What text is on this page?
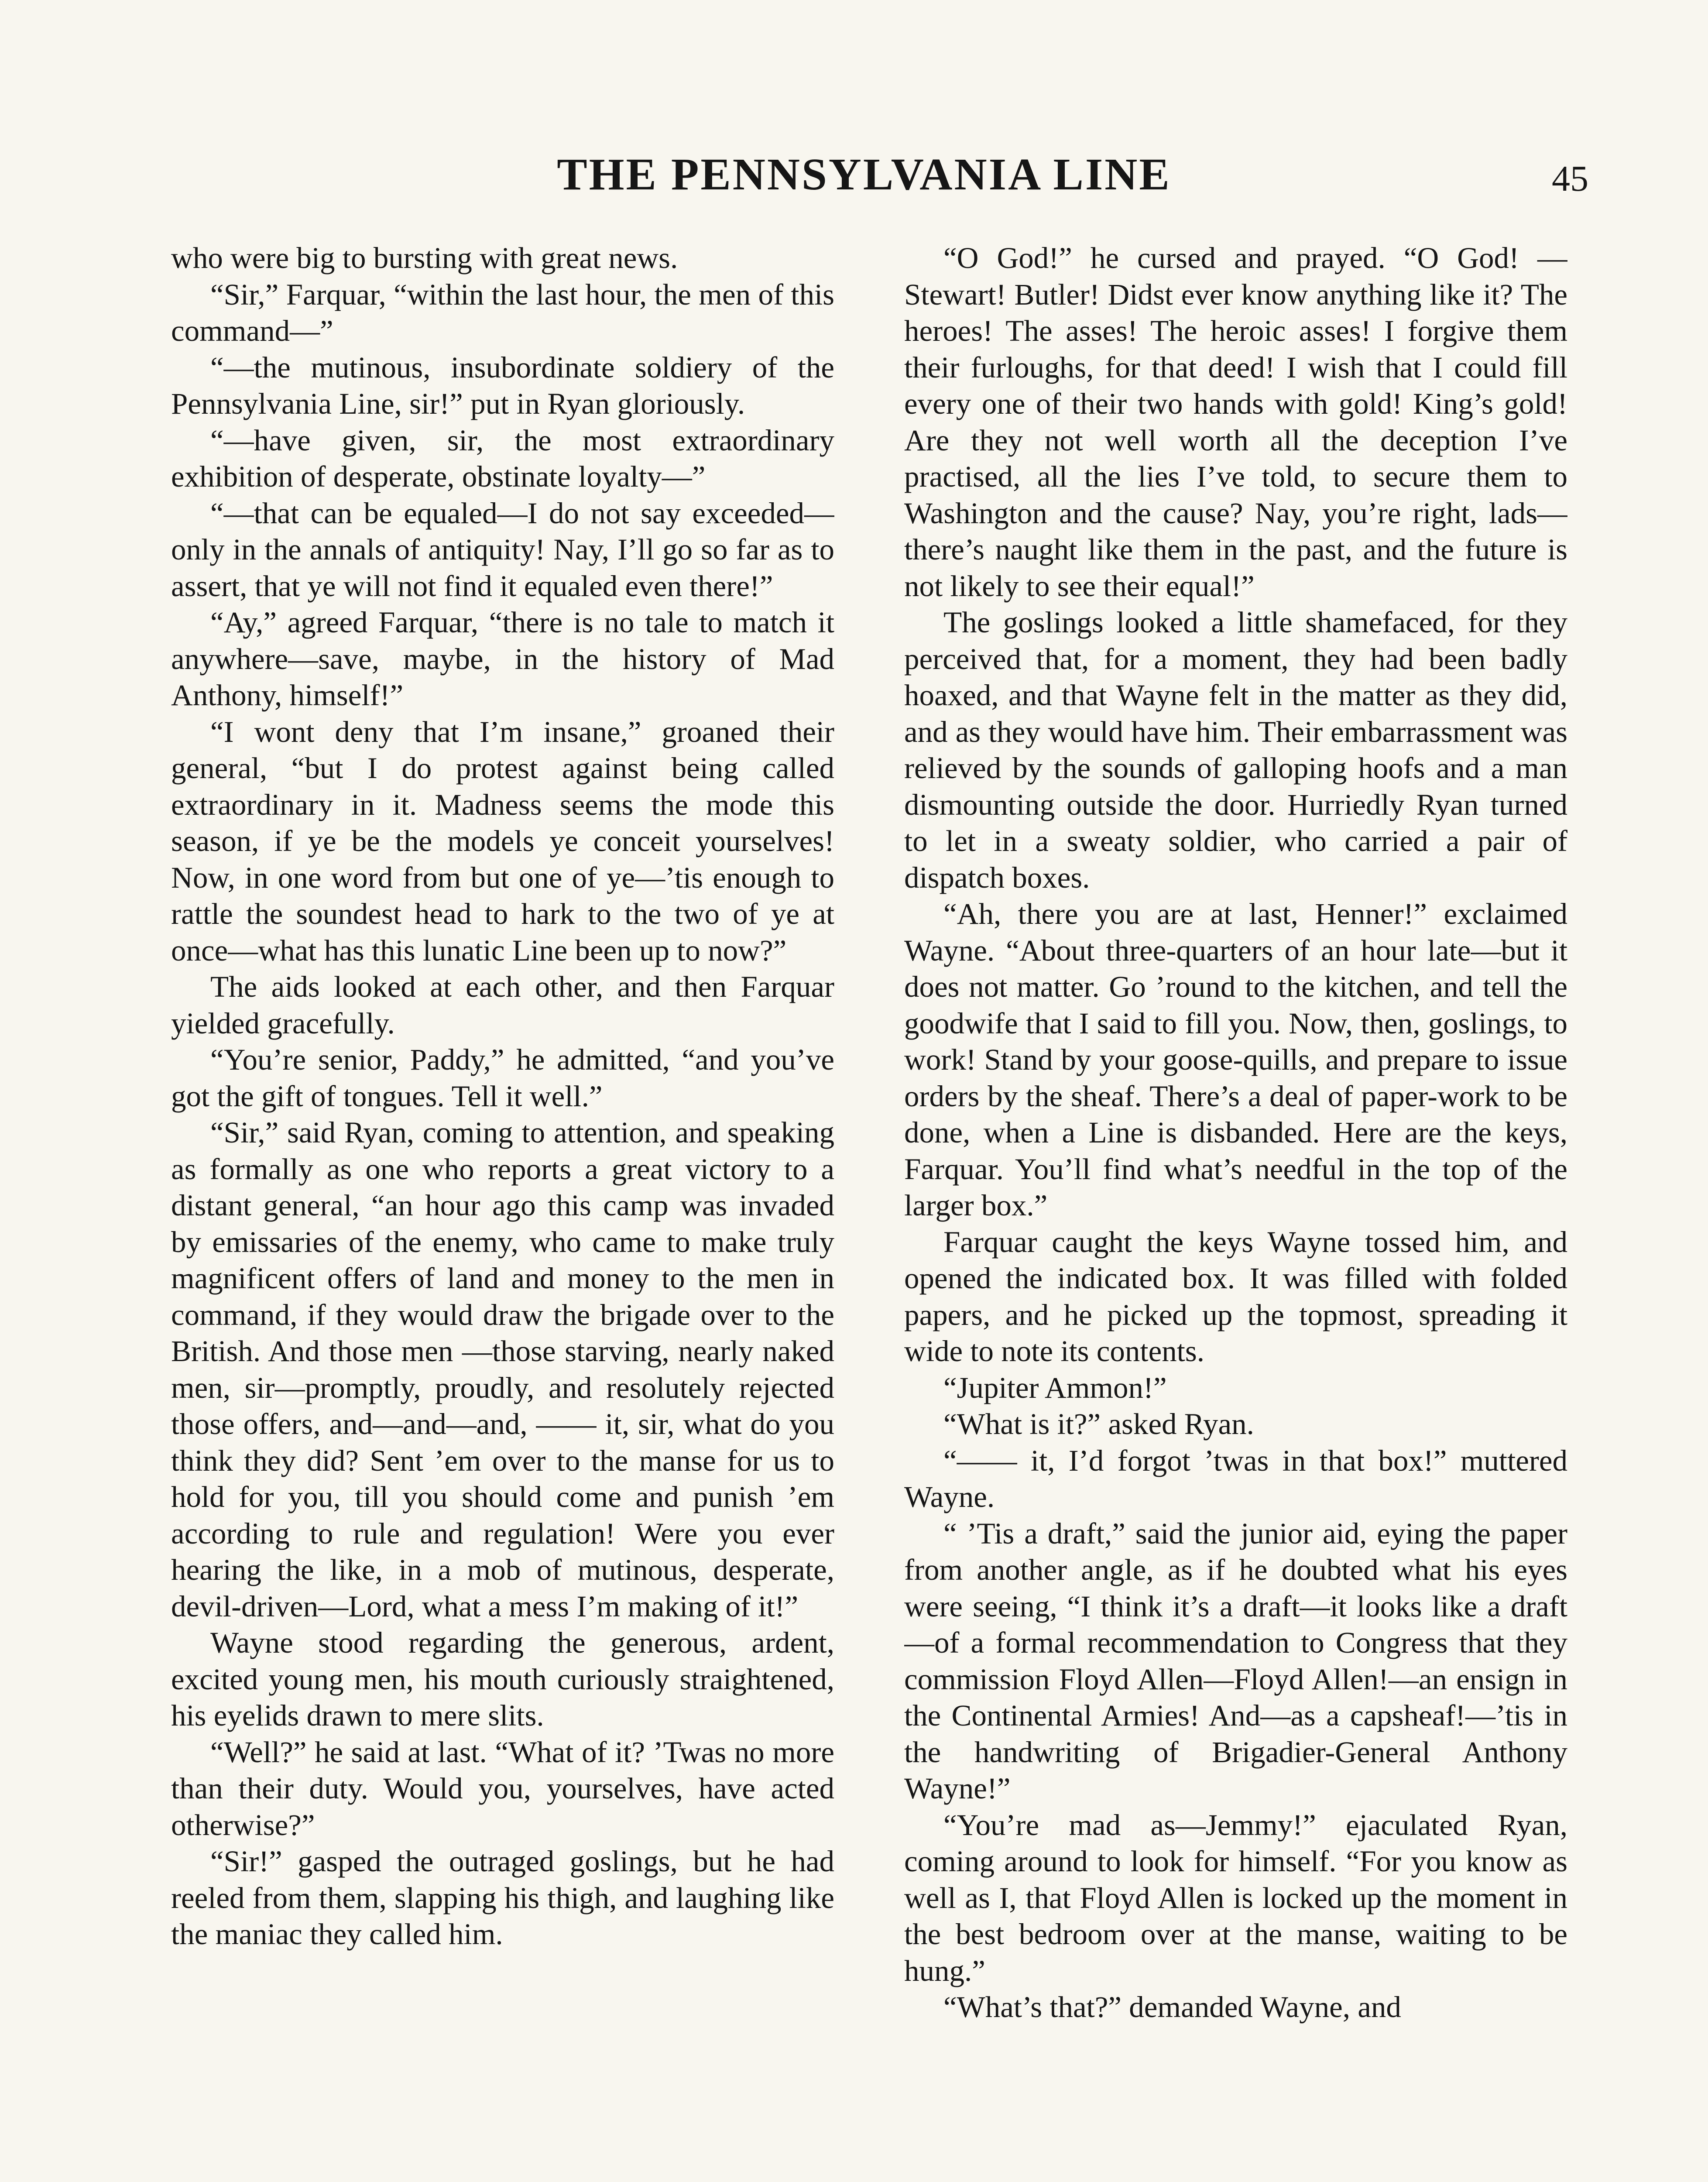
THE PENNSYLVANIA LINE	45

who were big to bursting with great news.

“Sir,” Farquar, “within the last hour, the men of this command—”

“—the mutinous, insubordinate soldiery of the Pennsylvania Line, sir!” put in Ryan gloriously.

“—have given, sir, the most extraordinary exhibition of desperate, obstinate loyalty—”

“—that can be equaled—I do not say exceeded—only in the annals of antiquity! Nay, I’ll go so far as to assert, that ye will not find it equaled even there!”

“Ay,” agreed Farquar, “there is no tale to match it anywhere—save, maybe, in the history of Mad Anthony, himself!”

“I wont deny that I’m insane,” groaned their general, “but I do protest against being called extraordinary in it. Madness seems the mode this season, if ye be the models ye conceit yourselves! Now, in one word from but one of ye—’tis enough to rattle the soundest head to hark to the two of ye at once—what has this lunatic Line been up to now?”

The aids looked at each other, and then Farquar yielded gracefully.

“You’re senior, Paddy,” he admitted, “and you’ve got the gift of tongues. Tell it well.”

“Sir,” said Ryan, coming to attention, and speaking as formally as one who reports a great victory to a distant general, “an hour ago this camp was invaded by emissaries of the enemy, who came to make truly magnificent offers of land and money to the men in command, if they would draw the brigade over to the British. And those men —those starving, nearly naked men, sir—promptly, proudly, and resolutely rejected those offers, and—and—and, —— it, sir, what do you think they did? Sent ’em over to the manse for us to hold for you, till you should come and punish ’em according to rule and regulation! Were you ever hearing the like, in a mob of mutinous, desperate, devil-driven—Lord, what a mess I’m making of it!”

Wayne stood regarding the generous, ardent, excited young men, his mouth curiously straightened, his eyelids drawn to mere slits.

“Well?” he said at last. “What of it? ’Twas no more than their duty. Would you, yourselves, have acted otherwise?”

“Sir!” gasped the outraged goslings, but he had reeled from them, slapping his thigh, and laughing like the maniac they called him.

“O God!” he cursed and prayed. “O God! —Stewart! Butler! Didst ever know anything like it? The heroes! The asses! The heroic asses! I forgive them their furloughs, for that deed! I wish that I could fill every one of their two hands with gold! King’s gold! Are they not well worth all the deception I’ve practised, all the lies I’ve told, to secure them to Washington and the cause? Nay, you’re right, lads—there’s naught like them in the past, and the future is not likely to see their equal!”

The goslings looked a little shamefaced, for they perceived that, for a moment, they had been badly hoaxed, and that Wayne felt in the matter as they did, and as they would have him. Their embarrassment was relieved by the sounds of galloping hoofs and a man dismounting outside the door. Hurriedly Ryan turned to let in a sweaty soldier, who carried a pair of dispatch boxes.

“Ah, there you are at last, Henner!” exclaimed Wayne. “About three-quarters of an hour late—but it does not matter. Go ’round to the kitchen, and tell the goodwife that I said to fill you. Now, then, goslings, to work! Stand by your goose-quills, and prepare to issue orders by the sheaf. There’s a deal of paper-work to be done, when a Line is disbanded. Here are the keys, Farquar. You’ll find what’s needful in the top of the larger box.”

Farquar caught the keys Wayne tossed him, and opened the indicated box. It was filled with folded papers, and he picked up the topmost, spreading it wide to note its contents.

“Jupiter Ammon!”

“What is it?” asked Ryan.

“—— it, I’d forgot ’twas in that box!” muttered Wayne.

“ ’Tis a draft,” said the junior aid, eying the paper from another angle, as if he doubted what his eyes were seeing, “I think it’s a draft—it looks like a draft—of a formal recommendation to Congress that they commission Floyd Allen—Floyd Allen!—an ensign in the Continental Armies! And—as a capsheaf!—’tis in the handwriting of Brigadier-General Anthony Wayne!”

“You’re mad as—Jemmy!” ejaculated Ryan, coming around to look for himself. “For you know as well as I, that Floyd Allen is locked up the moment in the best bedroom over at the manse, waiting to be hung.”

“What’s that?” demanded Wayne, and
